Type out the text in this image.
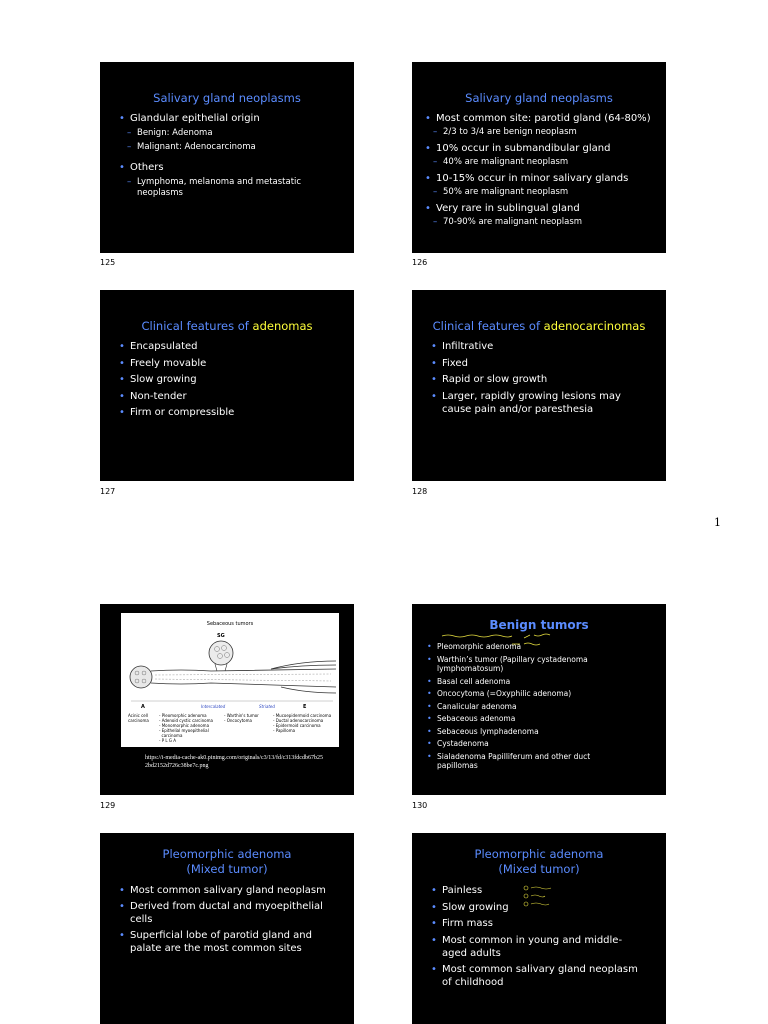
Salivary gland neoplasms
• Glandular epithelial origin
– Benign: Adenoma
– Malignant: Adenocarcinoma
• Others
– Lymphoma, melanoma and metastatic neoplasms
125
Salivary gland neoplasms
• Most common site: parotid gland (64-80%)
– 2/3 to 3/4 are benign neoplasm
• 10% occur in submandibular gland
– 40% are malignant neoplasm
• 10-15% occur in minor salivary glands
– 50% are malignant neoplasm
• Very rare in sublingual gland
– 70-90% are malignant neoplasm
126
Clinical features of adenomas
• Encapsulated
• Freely movable
• Slow growing
• Non-tender
• Firm or compressible
127
Clinical features of adenocarcinomas
• Infiltrative
• Fixed
• Rapid or slow growth
• Larger, rapidly growing lesions may cause pain and/or paresthesia
128
1
Sebaceous tumors
SG
A	Intercalated	Striated	E
Acinic cell
carcinoma
- Pleomorphic adenoma
- Adenoid cystic carcinoma
- Monomorphic adenoma
- Epithelial myoepithelial
carcinoma
- P L G A
- Warthin's tumor
- Oncocytoma
- Mucoepidermoid carcinoma
- Ductal adenocarcinoma
- Epidermoid carcinoma
- Papilloma
https://i-media-cache-ak0.pinimg.com/originals/c3/13/fd/c313fdcdb67b252bd2152d726c38be7c.png
129
Benign tumors
• Pleomorphic adenoma
• Warthin’s tumor (Papillary cystadenoma lymphomatosum)
• Basal cell adenoma
• Oncocytoma (=Oxyphilic adenoma)
• Canalicular adenoma
• Sebaceous adenoma
• Sebaceous lymphadenoma
• Cystadenoma
• Sialadenoma Papilliferum and other duct papillomas
130
Pleomorphic adenoma
(Mixed tumor)
• Most common salivary gland neoplasm
• Derived from ductal and myoepithelial cells
• Superficial lobe of parotid gland and palate are the most common sites
Pleomorphic adenoma
(Mixed tumor)
• Painless
• Slow growing
• Firm mass
• Most common in young and middle-aged adults
• Most common salivary gland neoplasm of childhood
